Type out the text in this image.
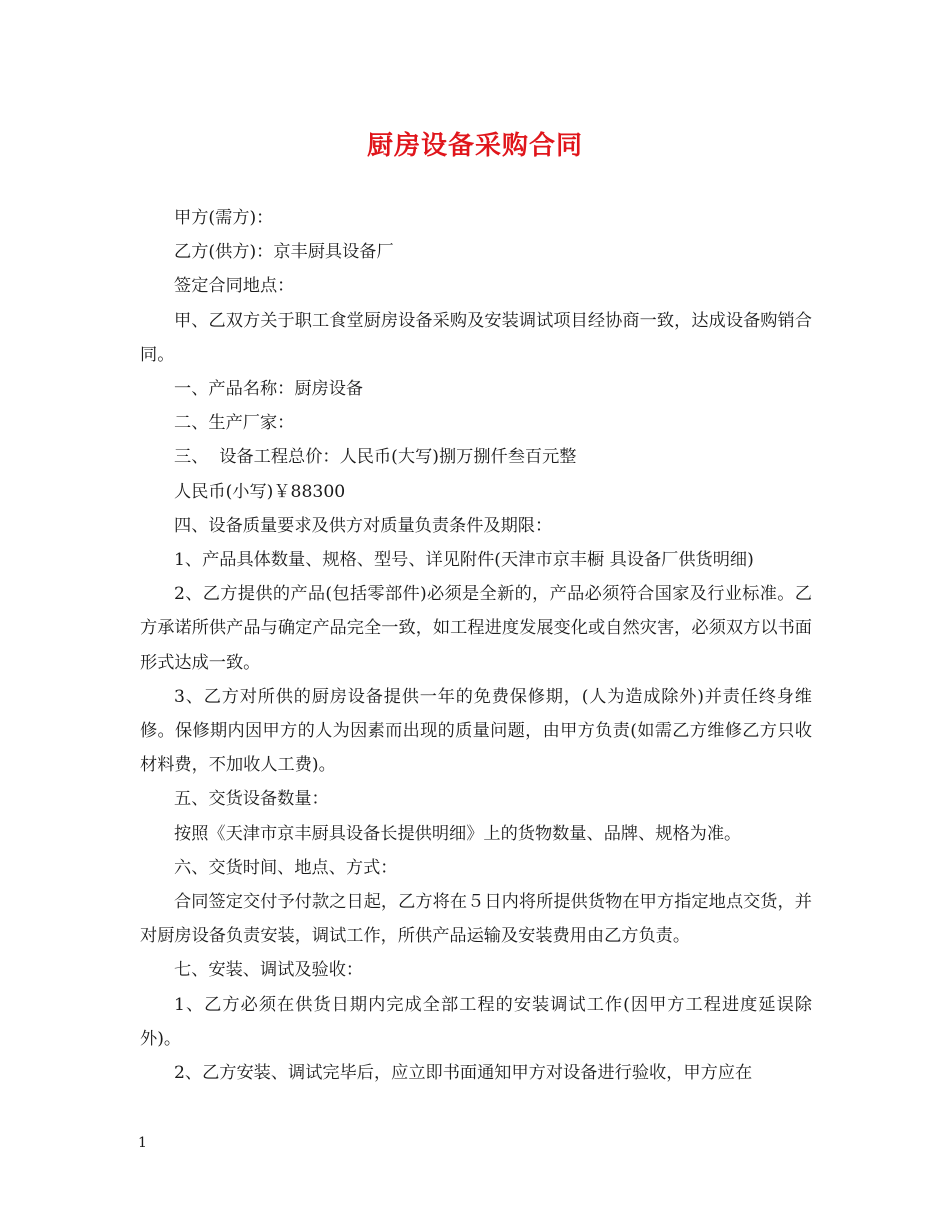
厨房设备采购合同

甲方(需方)：

乙方(供方)：京丰厨具设备厂

签定合同地点：

甲、乙双方关于职工食堂厨房设备采购及安装调试项目经协商一致，达成设备购销合同。

一、产品名称：厨房设备

二、生产厂家：

三、  设备工程总价：人民币(大写)捌万捌仟叁百元整

人民币(小写)￥88300

四、设备质量要求及供方对质量负责条件及期限：

1、产品具体数量、规格、型号、详见附件(天津市京丰橱 具设备厂供货明细)

2、乙方提供的产品(包括零部件)必须是全新的，产品必须符合国家及行业标准。乙方承诺所供产品与确定产品完全一致，如工程进度发展变化或自然灾害，必须双方以书面形式达成一致。

3、乙方对所供的厨房设备提供一年的免费保修期，(人为造成除外)并责任终身维修。保修期内因甲方的人为因素而出现的质量问题，由甲方负责(如需乙方维修乙方只收材料费，不加收人工费)。

五、交货设备数量：

按照《天津市京丰厨具设备长提供明细》上的货物数量、品牌、规格为准。

六、交货时间、地点、方式：

合同签定交付予付款之日起，乙方将在５日内将所提供货物在甲方指定地点交货，并对厨房设备负责安装，调试工作，所供产品运输及安装费用由乙方负责。

七、安装、调试及验收：

1、乙方必须在供货日期内完成全部工程的安装调试工作(因甲方工程进度延误除外)。

2、乙方安装、调试完毕后，应立即书面通知甲方对设备进行验收，甲方应在

1
